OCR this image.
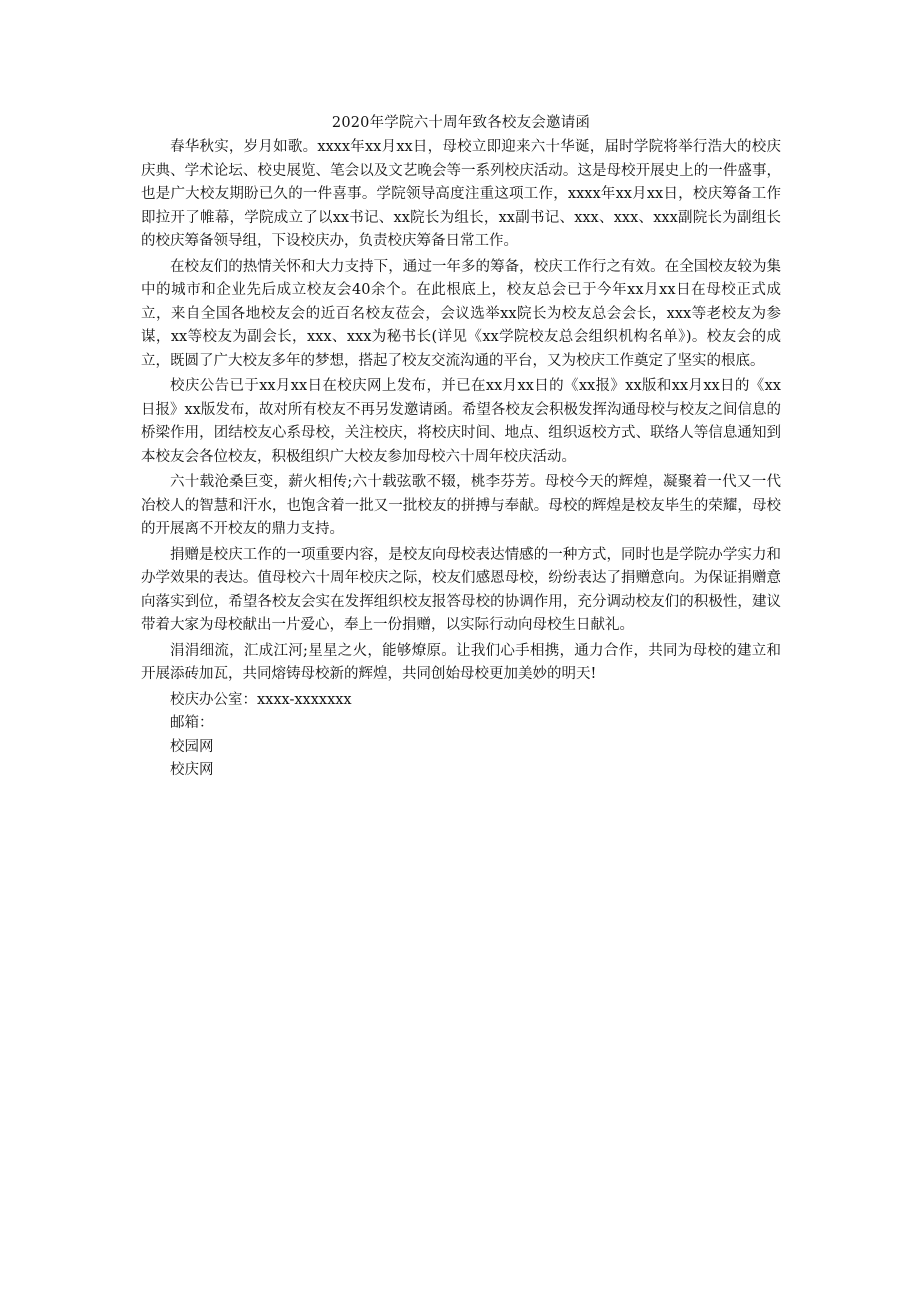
2020年学院六十周年致各校友会邀请函

春华秋实，岁月如歌。xxxx年xx月xx日，母校立即迎来六十华诞，届时学院将举行浩大的校庆庆典、学术论坛、校史展览、笔会以及文艺晚会等一系列校庆活动。这是母校开展史上的一件盛事，也是广大校友期盼已久的一件喜事。学院领导高度注重这项工作，xxxx年xx月xx日，校庆筹备工作即拉开了帷幕，学院成立了以xx书记、xx院长为组长，xx副书记、xxx、xxx、xxx副院长为副组长的校庆筹备领导组，下设校庆办，负责校庆筹备日常工作。

在校友们的热情关怀和大力支持下，通过一年多的筹备，校庆工作行之有效。在全国校友较为集中的城市和企业先后成立校友会40余个。在此根底上，校友总会已于今年xx月xx日在母校正式成立，来自全国各地校友会的近百名校友莅会，会议选举xx院长为校友总会会长，xxx等老校友为参谋，xx等校友为副会长，xxx、xxx为秘书长(详见《xx学院校友总会组织机构名单》)。校友会的成立，既圆了广大校友多年的梦想，搭起了校友交流沟通的平台，又为校庆工作奠定了坚实的根底。

校庆公告已于xx月xx日在校庆网上发布，并已在xx月xx日的《xx报》xx版和xx月xx日的《xx日报》xx版发布，故对所有校友不再另发邀请函。希望各校友会积极发挥沟通母校与校友之间信息的桥梁作用，团结校友心系母校，关注校庆，将校庆时间、地点、组织返校方式、联络人等信息通知到本校友会各位校友，积极组织广大校友参加母校六十周年校庆活动。

六十载沧桑巨变，薪火相传;六十载弦歌不辍，桃李芬芳。母校今天的辉煌，凝聚着一代又一代冶校人的智慧和汗水，也饱含着一批又一批校友的拼搏与奉献。母校的辉煌是校友毕生的荣耀，母校的开展离不开校友的鼎力支持。

捐赠是校庆工作的一项重要内容，是校友向母校表达情感的一种方式，同时也是学院办学实力和办学效果的表达。值母校六十周年校庆之际，校友们感恩母校，纷纷表达了捐赠意向。为保证捐赠意向落实到位，希望各校友会实在发挥组织校友报答母校的协调作用，充分调动校友们的积极性，建议带着大家为母校献出一片爱心，奉上一份捐赠，以实际行动向母校生日献礼。

涓涓细流，汇成江河;星星之火，能够燎原。让我们心手相携，通力合作，共同为母校的建立和开展添砖加瓦，共同熔铸母校新的辉煌，共同创始母校更加美妙的明天!

校庆办公室：xxxx-xxxxxxx

邮箱：

校园网

校庆网
